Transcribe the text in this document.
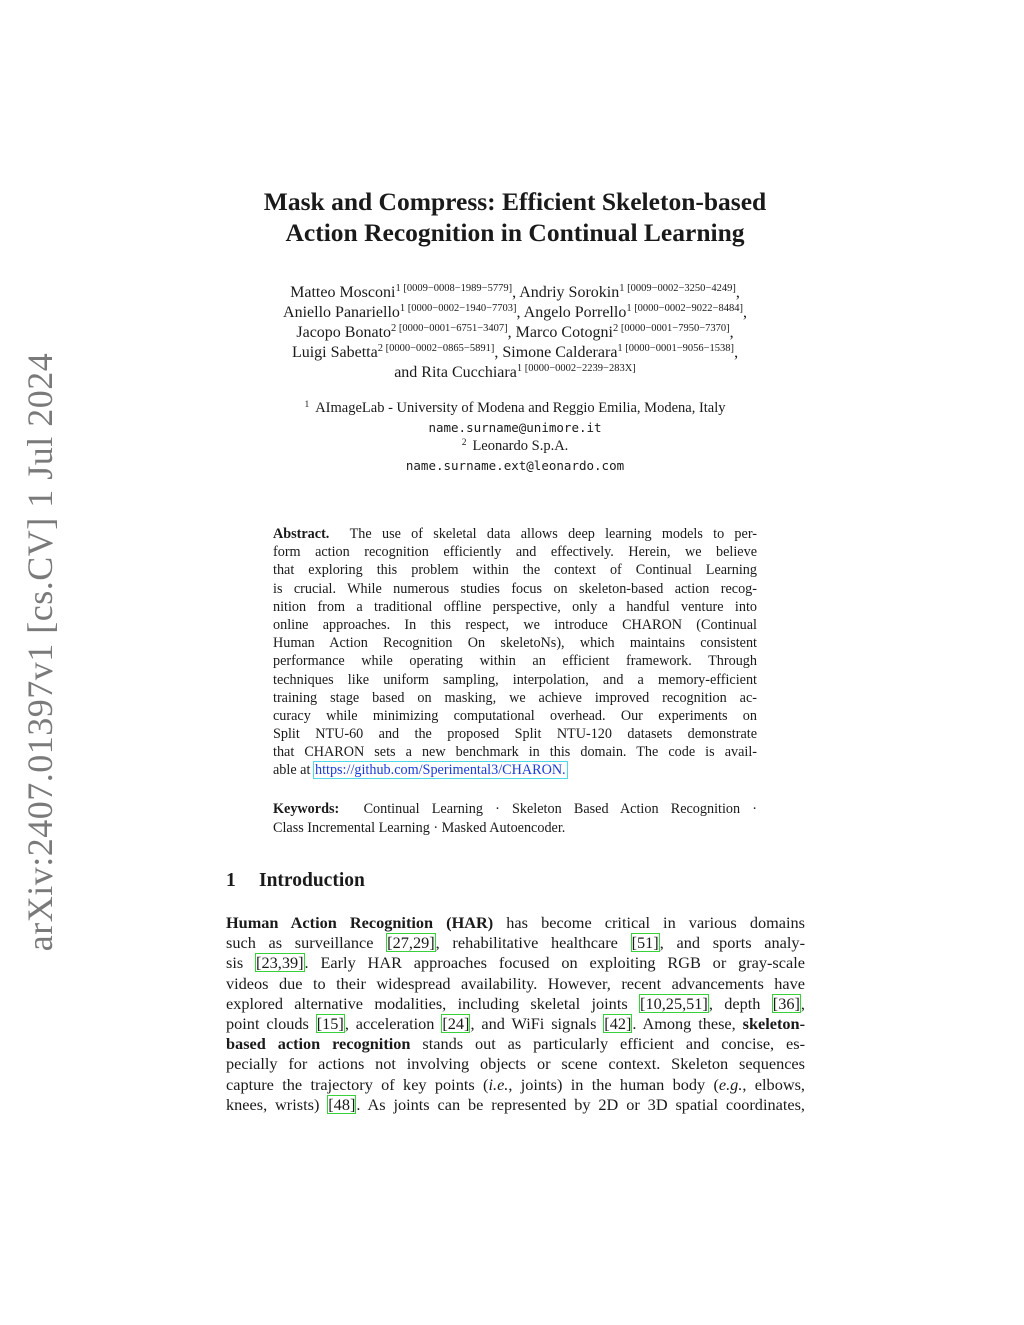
arXiv:2407.01397v1 [cs.CV] 1 Jul 2024
Mask and Compress: Efficient Skeleton-based
Action Recognition in Continual Learning
Matteo Mosconi$^{1 [0009-0008-1989-5779]}$, Andriy Sorokin$^{1 [0009-0002-3250-4249]}$,
Aniello Panariello$^{1 [0000-0002-1940-7703]}$, Angelo Porrello$^{1 [0000-0002-9022-8484]}$,
Jacopo Bonato$^{2 [0000-0001-6751-3407]}$, Marco Cotogni$^{2 [0000-0001-7950-7370]}$,
Luigi Sabetta$^{2 [0000-0002-0865-5891]}$, Simone Calderara$^{1 [0000-0001-9056-1538]}$,
and Rita Cucchiara$^{1 [0000-0002-2239-283X]}$
$^1$ AImageLab - University of Modena and Reggio Emilia, Modena, Italy
name.surname@unimore.it
$^2$ Leonardo S.p.A.
name.surname.ext@leonardo.com
Abstract. The use of skeletal data allows deep learning models to per-
form action recognition efficiently and effectively. Herein, we believe
that exploring this problem within the context of Continual Learning
is crucial. While numerous studies focus on skeleton-based action recog-
nition from a traditional offline perspective, only a handful venture into
online approaches. In this respect, we introduce CHARON (Continual
Human Action Recognition On skeletoNs), which maintains consistent
performance while operating within an efficient framework. Through
techniques like uniform sampling, interpolation, and a memory-efficient
training stage based on masking, we achieve improved recognition ac-
curacy while minimizing computational overhead. Our experiments on
Split NTU-60 and the proposed Split NTU-120 datasets demonstrate
that CHARON sets a new benchmark in this domain. The code is avail-
able at https://github.com/Sperimental3/CHARON.
Keywords: Continual Learning · Skeleton Based Action Recognition ·
Class Incremental Learning · Masked Autoencoder.
1 Introduction
Human Action Recognition (HAR) has become critical in various domains
such as surveillance [27,29], rehabilitative healthcare [51], and sports analy-
sis [23,39]. Early HAR approaches focused on exploiting RGB or gray-scale
videos due to their widespread availability. However, recent advancements have
explored alternative modalities, including skeletal joints [10,25,51], depth [36],
point clouds [15], acceleration [24], and WiFi signals [42]. Among these, skeleton-
based action recognition stands out as particularly efficient and concise, es-
pecially for actions not involving objects or scene context. Skeleton sequences
capture the trajectory of key points (i.e., joints) in the human body (e.g., elbows,
knees, wrists) [48]. As joints can be represented by 2D or 3D spatial coordinates,
